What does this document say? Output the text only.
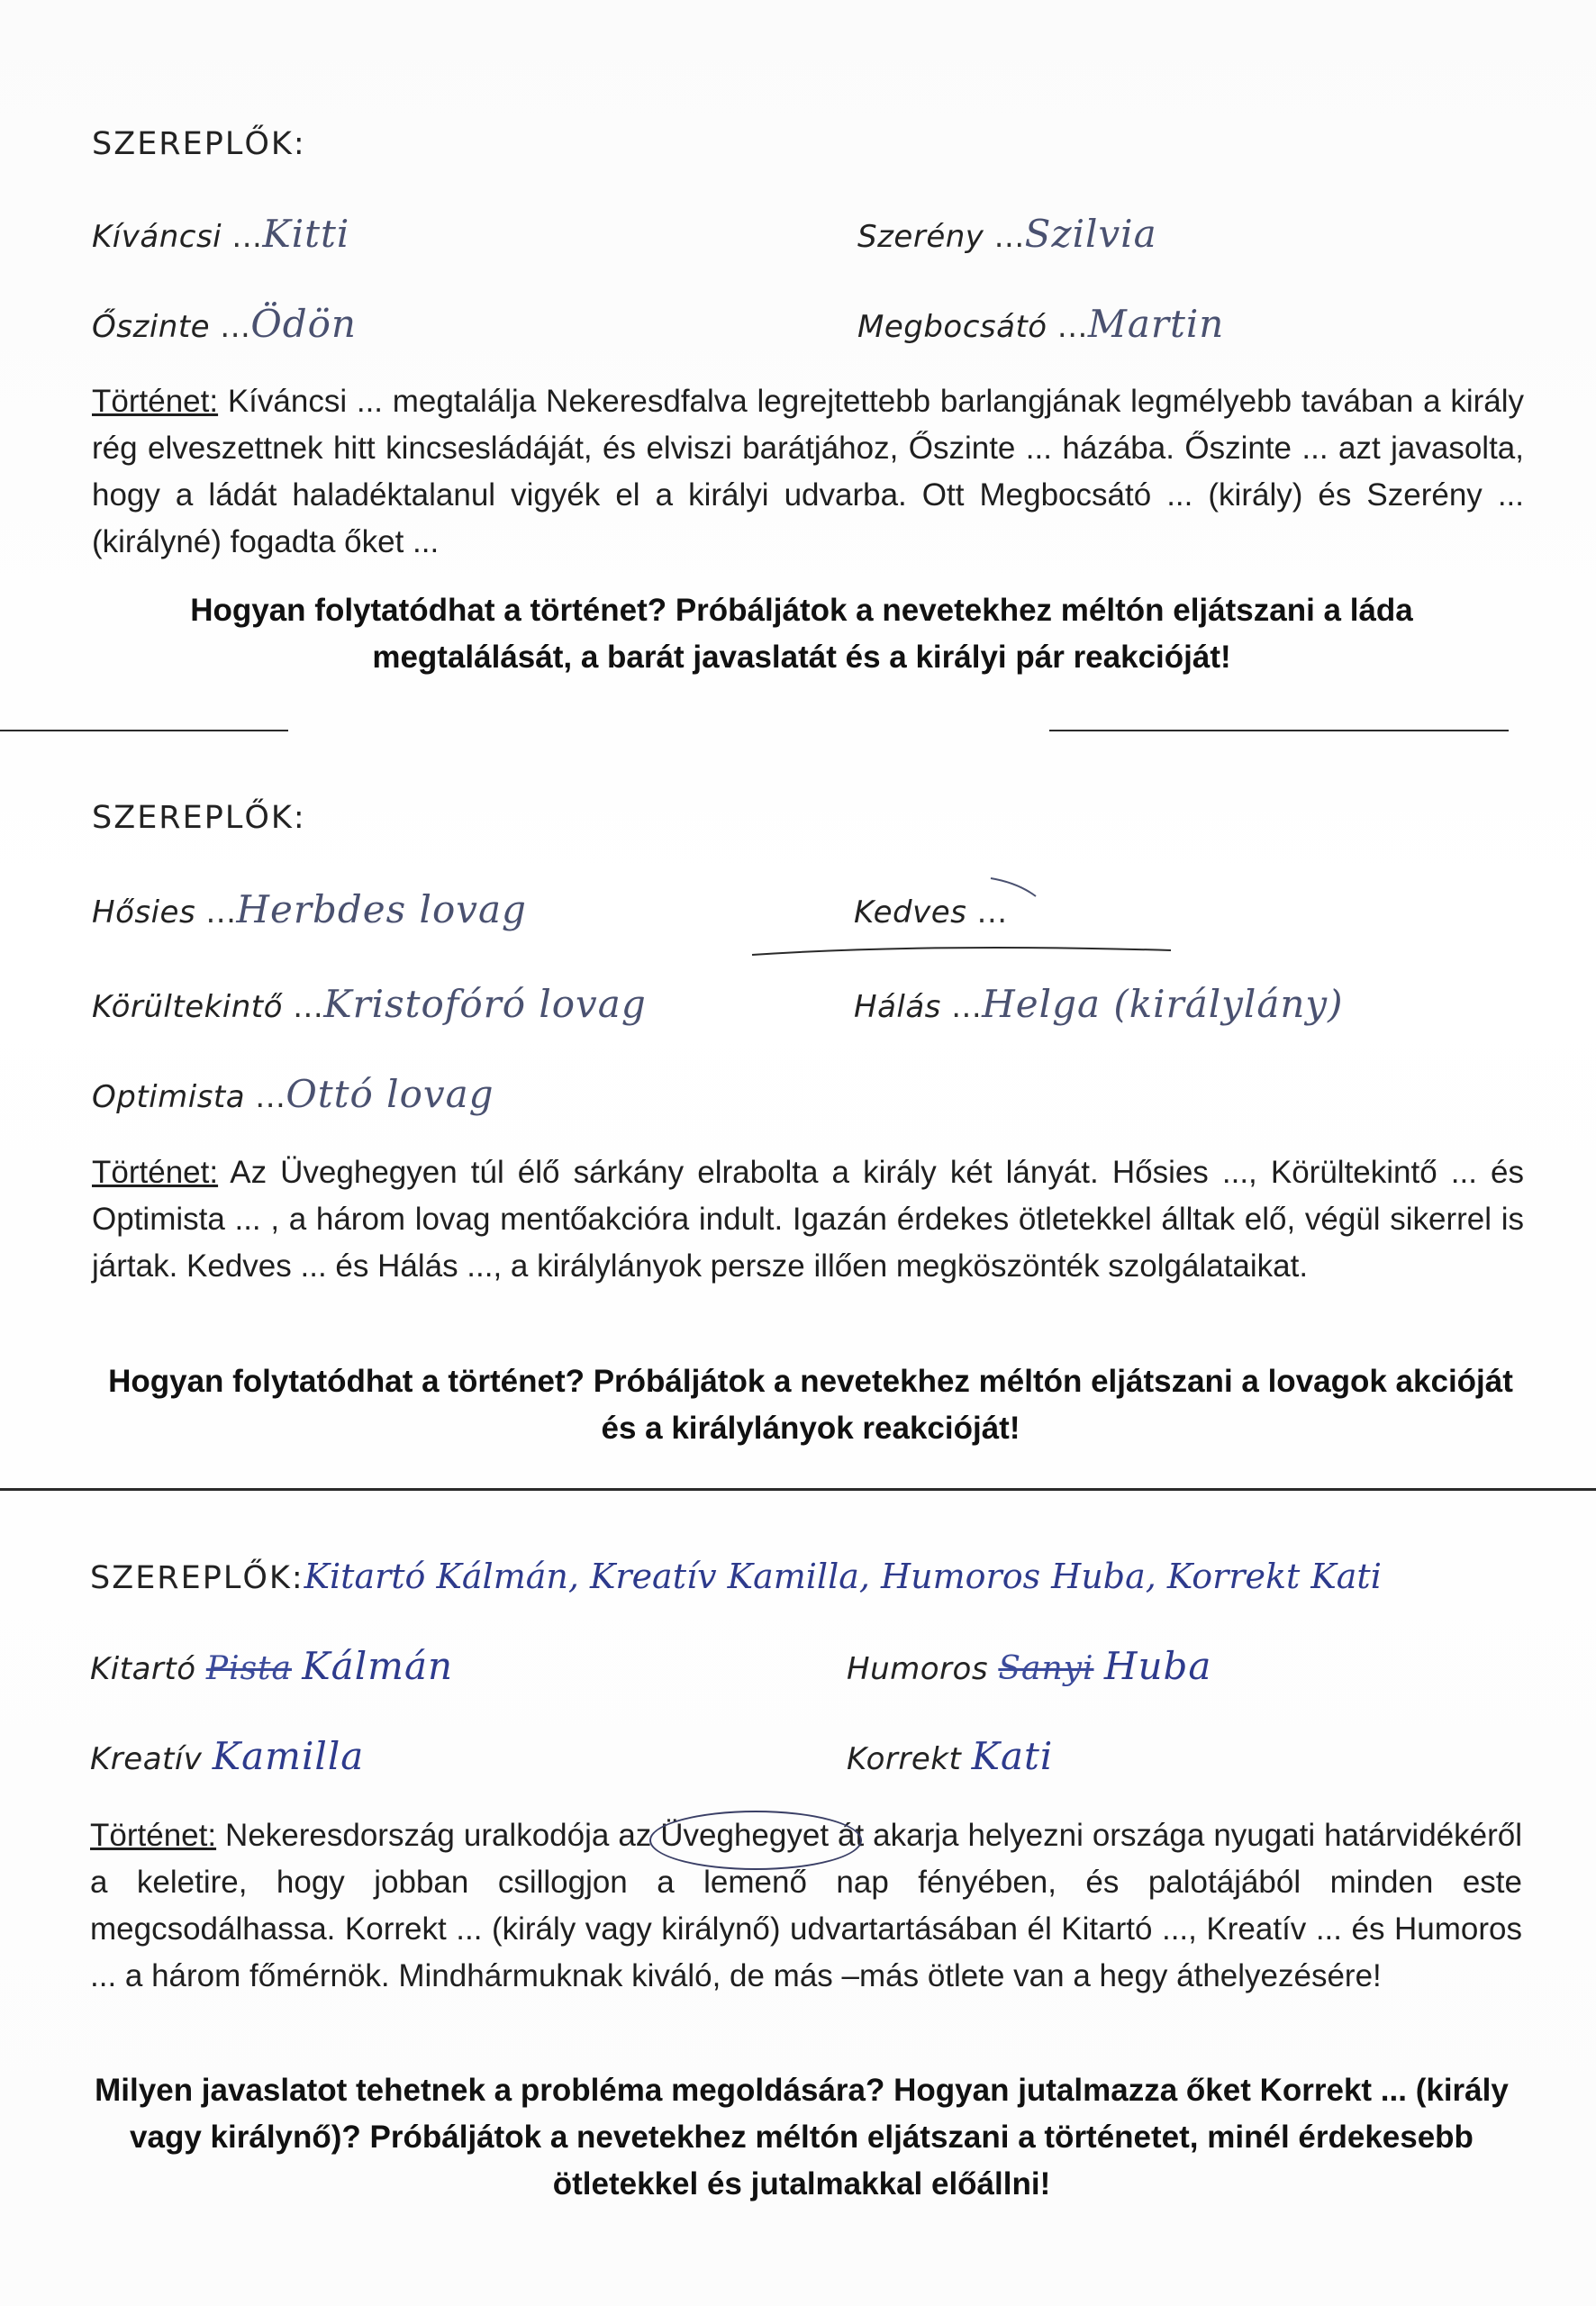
SZEREPLŐK:
Kíváncsi ...Kitti	Szerény ...Szilvia
Őszinte ...Ödön	Megbocsátó ...Martin
Történet: Kíváncsi ... megtalálja Nekeresdfalva legrejtettebb barlangjának legmélyebb tavában a király rég elveszettnek hitt kincsesládáját, és elviszi barátjához, Őszinte ... házába. Őszinte ... azt javasolta, hogy a ládát haladéktalanul vigyék el a királyi udvarba. Ott Megbocsátó ... (király) és Szerény ... (királyné) fogadta őket ...
Hogyan folytatódhat a történet? Próbáljátok a nevetekhez méltón eljátszani a láda megtalálását, a barát javaslatát és a királyi pár reakcióját!
SZEREPLŐK:
Hősies ...Herbdes lovag	Kedves ...
Körültekintő ...Kristofóró lovag	Hálás ...Helga (királylány)
Optimista ...Ottó lovag
Történet: Az Üveghegyen túl élő sárkány elrabolta a király két lányát. Hősies ..., Körültekintő ... és Optimista ... , a három lovag mentőakcióra indult. Igazán érdekes ötletekkel álltak elő, végül sikerrel is jártak. Kedves ... és Hálás ..., a királylányok persze illően megköszönték szolgálataikat.
Hogyan folytatódhat a történet? Próbáljátok a nevetekhez méltón eljátszani a lovagok akcióját és a királylányok reakcióját!
SZEREPLŐK:Kitartó Kálmán, Kreatív Kamilla, Humoros Huba, Korrekt Kati
Kitartó Pista Kálmán	Humoros Sanyi Huba
Kreatív Kamilla	Korrekt Kati
Történet: Nekeresdország uralkodója az Üveghegyet
át akarja helyezni országa nyugati határvidékéről a keletire, hogy jobban csillogjon a lemenő nap fényében, és palotájából minden este megcsodálhassa. Korrekt ... (király vagy királynő) udvartartásában él Kitartó ..., Kreatív ... és Humoros ... a három főmérnök. Mindhármuknak kiváló, de más –más ötlete van a hegy áthelyezésére!
Milyen javaslatot tehetnek a probléma megoldására? Hogyan jutalmazza őket Korrekt ... (király vagy királynő)? Próbáljátok a nevetekhez méltón eljátszani a történetet, minél érdekesebb ötletekkel és jutalmakkal előállni!
